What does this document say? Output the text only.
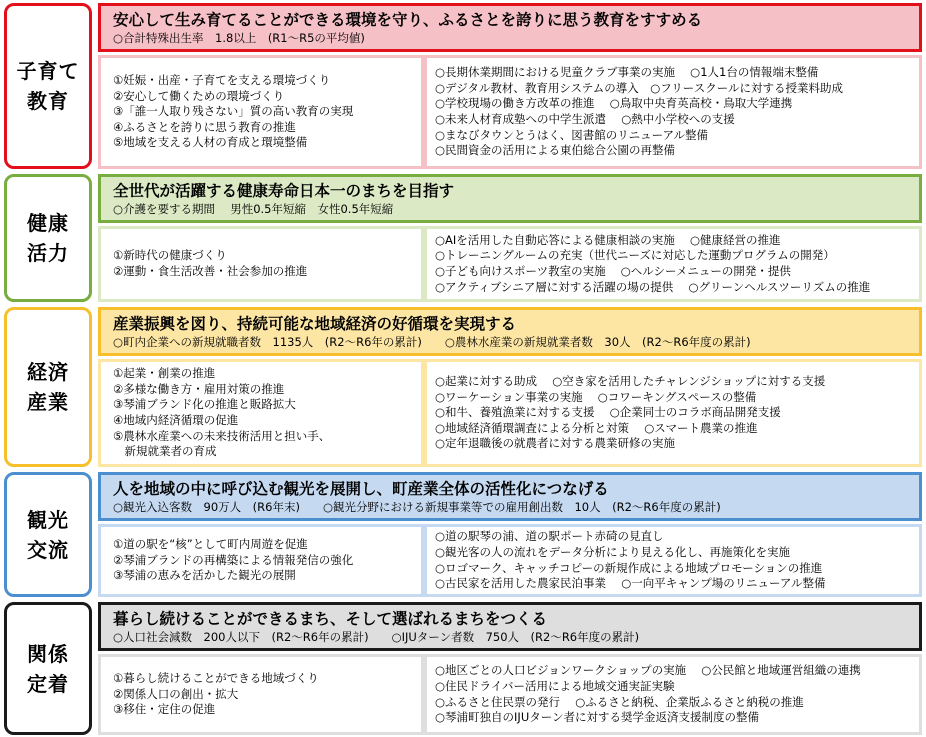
子育て
教育
安心して生み育てることができる環境を守り、ふるさとを誇りに思う教育をすすめる
○合計特殊出生率　1.8以上　(R1～R5の平均値)
①妊娠・出産・子育てを支える環境づくり
②安心して働くための環境づくり
③「誰一人取り残さない」質の高い教育の実現
④ふるさとを誇りに思う教育の推進
⑤地域を支える人材の育成と環境整備
○長期休業期間における児童クラブ事業の実施　 ○1人1台の情報端末整備
○デジタル教材、教育用システムの導入　○フリースクールに対する授業料助成
○学校現場の働き方改革の推進　 ○鳥取中央育英高校・鳥取大学連携
○未来人材育成塾への中学生派遣　 ○熱中小学校への支援
○まなびタウンとうはく、図書館のリニューアル整備
○民間資金の活用による東伯総合公園の再整備
健康
活力
全世代が活躍する健康寿命日本一のまちを目指す
○介護を要する期間　 男性0.5年短縮　女性0.5年短縮
①新時代の健康づくり
②運動・食生活改善・社会参加の推進
○AIを活用した自動応答による健康相談の実施　 ○健康経営の推進
○トレーニングルームの充実（世代ニーズに対応した運動プログラムの開発）
○子ども向けスポーツ教室の実施　 ○ヘルシーメニューの開発・提供
○アクティブシニア層に対する活躍の場の提供　 ○グリーンヘルスツーリズムの推進
経済
産業
産業振興を図り、持続可能な地域経済の好循環を実現する
○町内企業への新規就職者数　1135人　(R2～R6年の累計)　　○農林水産業の新規就業者数　30人　(R2～R6年度の累計)
①起業・創業の推進
②多様な働き方・雇用対策の推進
③琴浦ブランド化の推進と販路拡大
④地域内経済循環の促進
⑤農林水産業への未来技術活用と担い手、
　新規就業者の育成
○起業に対する助成　 ○空き家を活用したチャレンジショップに対する支援
○ワーケーション事業の実施　 ○コワーキングスペースの整備
○和牛、養殖漁業に対する支援　 ○企業同士のコラボ商品開発支援
○地域経済循環調査による分析と対策　 ○スマート農業の推進
○定年退職後の就農者に対する農業研修の実施
観光
交流
人を地域の中に呼び込む観光を展開し、町産業全体の活性化につなげる
○観光入込客数　90万人　(R6年末)　　○観光分野における新規事業等での雇用創出数　10人　(R2～R6年度の累計)
①道の駅を“核”として町内周遊を促進
②琴浦ブランドの再構築による情報発信の強化
③琴浦の恵みを活かした観光の展開
○道の駅琴の浦、道の駅ポート赤碕の見直し
○観光客の人の流れをデータ分析により見える化し、再施策化を実施
○ロゴマーク、キャッチコピーの新規作成による地域プロモーションの推進
○古民家を活用した農家民泊事業　 ○一向平キャンプ場のリニューアル整備
関係
定着
暮らし続けることができるまち、そして選ばれるまちをつくる
○人口社会減数　200人以下　(R2～R6年の累計)　　○IJUターン者数　750人　(R2～R6年度の累計)
①暮らし続けることができる地域づくり
②関係人口の創出・拡大
③移住・定住の促進
○地区ごとの人口ビジョンワークショップの実施　 ○公民館と地域運営組織の連携
○住民ドライバー活用による地域交通実証実験
○ふるさと住民票の発行　 ○ふるさと納税、企業版ふるさと納税の推進
○琴浦町独自のIJUターン者に対する奨学金返済支援制度の整備
